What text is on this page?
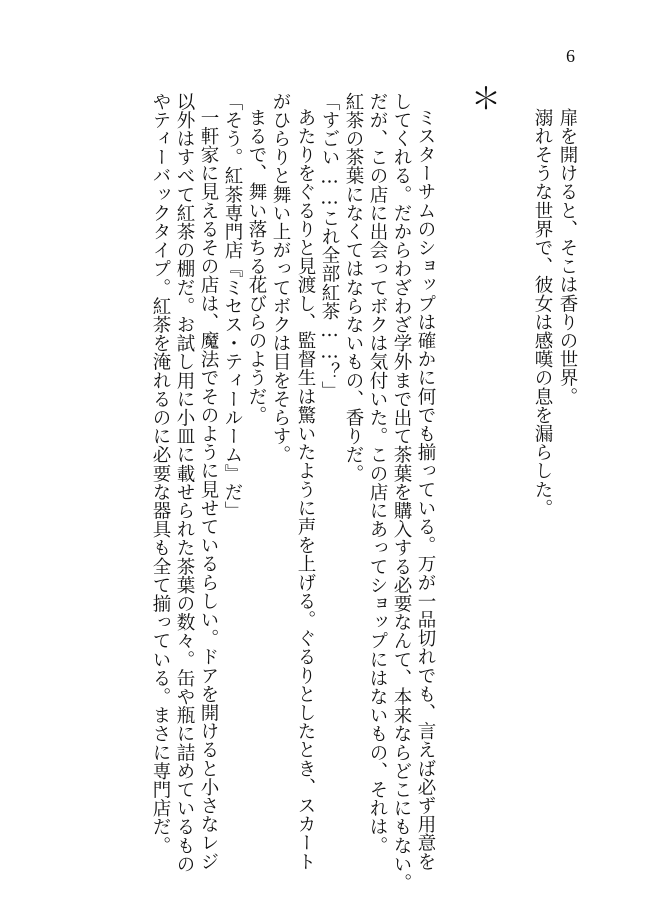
6
＊
扉を開けると、そこは香りの世界。
溺れそうな世界で、彼女は感嘆の息を漏らした。
ミスターサムのショップは確かに何でも揃っている。万が一品切れでも、言えば必ず用意を
してくれる。だからわざわざ学外まで出て茶葉を購入する必要なんて、本来ならどこにもない。
だが、この店に出会ってボクは気付いた。この店にあってショップにはないもの、それは。
紅茶の茶葉になくてはならないもの、香りだ。
「すごい……これ全部紅茶……？」
あたりをぐるりと見渡し、監督生は驚いたように声を上げる。ぐるりとしたとき、スカート
がひらりと舞い上がってボクは目をそらす。
まるで、舞い落ちる花びらのようだ。
「そう。紅茶専門店『ミセス・ティールーム』だ」
一軒家に見えるその店は、魔法でそのように見せているらしい。ドアを開けると小さなレジ
以外はすべて紅茶の棚だ。お試し用に小皿に載せられた茶葉の数々。缶や瓶に詰めているもの
やティーバックタイプ。紅茶を淹れるのに必要な器具も全て揃っている。まさに専門店だ。
